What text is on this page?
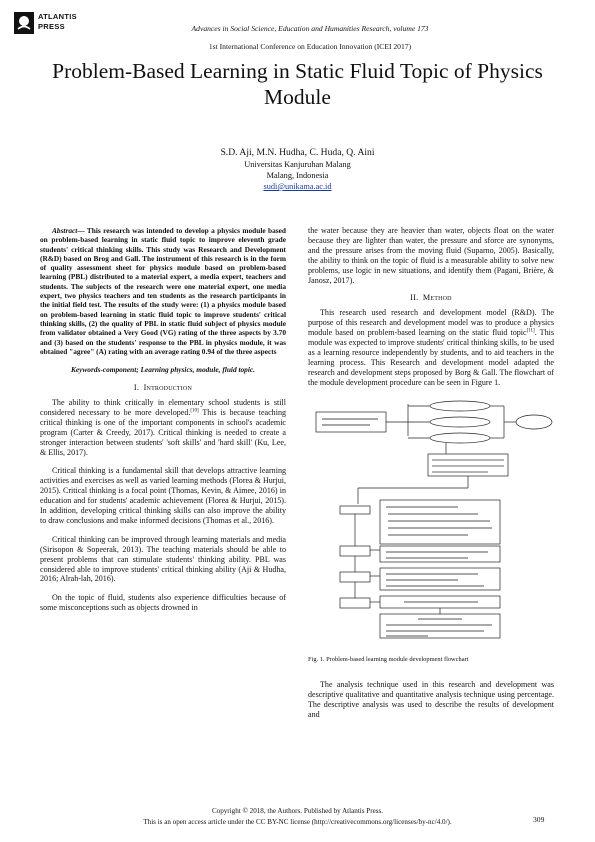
ATLANTIS
PRESS	Advances in Social Science, Education and Humanities Research, volume 173
1st International Conference on Education Innovation (ICEI 2017)
Problem-Based Learning in Static Fluid Topic of Physics Module
S.D. Aji, M.N. Hudha, C. Huda, Q. Aini
Universitas Kanjuruhan Malang
Malang, Indonesia
sudi@unikama.ac.id

Abstract— This research was intended to develop a physics module based on problem-based learning in static fluid topic to improve eleventh grade students' critical thinking skills. This study was Research and Development (R&D) based on Brog and Gall. The instrument of this research is in the form of quality assessment sheet for physics module based on problem-based learning (PBL) distributed to a material expert, a media expert, teachers and students. The subjects of the research were one material expert, one media expert, two physics teachers and ten students as the research participants in the initial field test. The results of the study were: (1) a physics module based on problem-based learning in static fluid topic to improve students' critical thinking skills, (2) the quality of PBL in static fluid subject of physics module from validator obtained a Very Good (VG) rating of the three aspects by 3.70 and (3) based on the students' response to the PBL in physics module, it was obtained "agree" (A) rating with an average rating 0.94 of the three aspects

Keywords-component; Learning physics, module, fluid topic.

I. Introduction

The ability to think critically in elementary school students is still considered necessary to be more developed.[10] This is because teaching critical thinking is one of the important components in school's academic program (Carter & Creedy, 2017). Critical thinking is needed to create a stronger interaction between students' 'soft skills' and 'hard skill' (Ku, Lee, & Ellis, 2017).

Critical thinking is a fundamental skill that develops attractive learning activities and exercises as well as varied learning methods (Florea & Hurjui, 2015). Critical thinking is a focal point (Thomas, Kevin, & Aimee, 2016) in education and for students' academic achievement (Florea & Hurjui, 2015). In addition, developing critical thinking skills can also improve the ability to draw conclusions and make informed decisions (Thomas et al., 2016).

Critical thinking can be improved through learning materials and media (Sirisopon & Sopeerak, 2013). The teaching materials should be able to present problems that can stimulate students' thinking ability. PBL was considered able to improve students' critical thinking ability (Aji & Hudha, 2016; Alrah-lah, 2016).

On the topic of fluid, students also experience difficulties because of some misconceptions such as objects drowned in

the water because they are heavier than water, objects float on the water because they are lighter than water, the pressure and sforce are synonyms, and the pressure arises from the moving fluid (Suparno, 2005). Basically, the ability to think on the topic of fluid is a measurable ability to solve new problems, use logic in new situations, and identify them (Pagani, Brière, & Janosz, 2017).

II. Method

This research used research and development model (R&D). The purpose of this research and development model was to produce a physics module based on problem-based learning on the static fluid topic[11]. This module was expected to improve students' critical thinking skills, to be used as a learning resource independently by students, and to aid teachers in the learning process. This Research and development model adapted the research and development steps proposed by Borg & Gall. The flowchart of the module development procedure can be seen in Figure 1.

Fig. 1. Problem-based learning module development flowchart

The analysis technique used in this research and development was descriptive qualitative and quantitative analysis technique using percentage. The descriptive analysis was used to describe the results of development and

Copyright © 2018, the Authors. Published by Atlantis Press.
This is an open access article under the CC BY-NC license (http://creativecommons.org/licenses/by-nc/4.0/).	309
